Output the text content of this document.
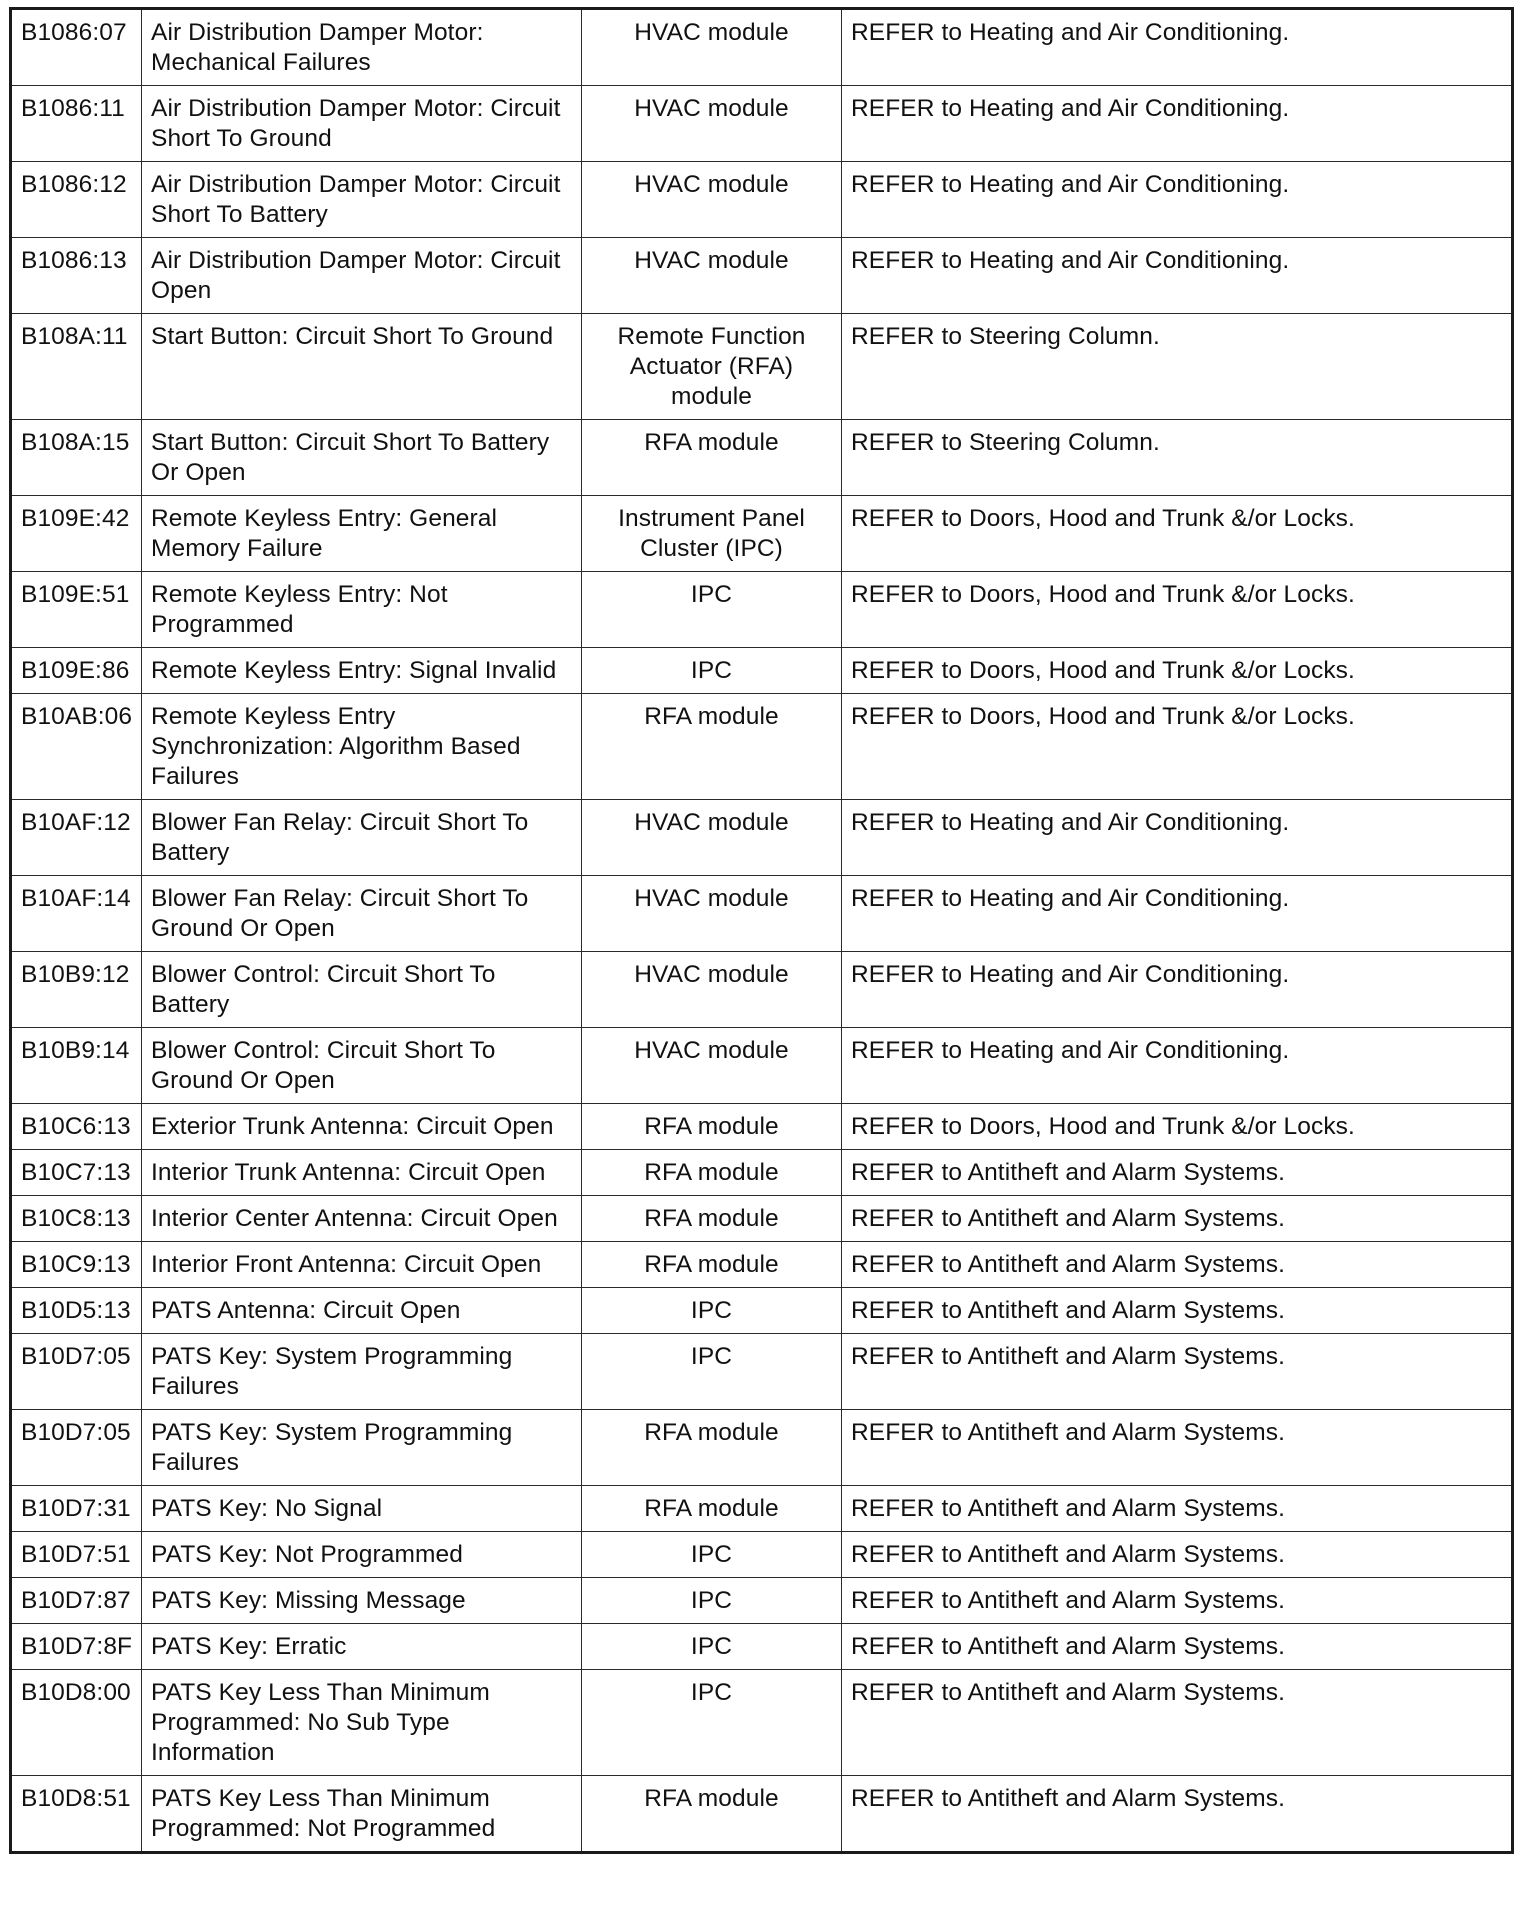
B1086:07	Air Distribution Damper Motor: Mechanical Failures	HVAC module	REFER to Heating and Air Conditioning.
B1086:11	Air Distribution Damper Motor: Circuit Short To Ground	HVAC module	REFER to Heating and Air Conditioning.
B1086:12	Air Distribution Damper Motor: Circuit Short To Battery	HVAC module	REFER to Heating and Air Conditioning.
B1086:13	Air Distribution Damper Motor: Circuit Open	HVAC module	REFER to Heating and Air Conditioning.
B108A:11	Start Button: Circuit Short To Ground	Remote Function Actuator (RFA) module	REFER to Steering Column.
B108A:15	Start Button: Circuit Short To Battery Or Open	RFA module	REFER to Steering Column.
B109E:42	Remote Keyless Entry: General Memory Failure	Instrument Panel Cluster (IPC)	REFER to Doors, Hood and Trunk &/or Locks.
B109E:51	Remote Keyless Entry: Not Programmed	IPC	REFER to Doors, Hood and Trunk &/or Locks.
B109E:86	Remote Keyless Entry: Signal Invalid	IPC	REFER to Doors, Hood and Trunk &/or Locks.
B10AB:06	Remote Keyless Entry Synchronization: Algorithm Based Failures	RFA module	REFER to Doors, Hood and Trunk &/or Locks.
B10AF:12	Blower Fan Relay: Circuit Short To Battery	HVAC module	REFER to Heating and Air Conditioning.
B10AF:14	Blower Fan Relay: Circuit Short To Ground Or Open	HVAC module	REFER to Heating and Air Conditioning.
B10B9:12	Blower Control: Circuit Short To Battery	HVAC module	REFER to Heating and Air Conditioning.
B10B9:14	Blower Control: Circuit Short To Ground Or Open	HVAC module	REFER to Heating and Air Conditioning.
B10C6:13	Exterior Trunk Antenna: Circuit Open	RFA module	REFER to Doors, Hood and Trunk &/or Locks.
B10C7:13	Interior Trunk Antenna: Circuit Open	RFA module	REFER to Antitheft and Alarm Systems.
B10C8:13	Interior Center Antenna: Circuit Open	RFA module	REFER to Antitheft and Alarm Systems.
B10C9:13	Interior Front Antenna: Circuit Open	RFA module	REFER to Antitheft and Alarm Systems.
B10D5:13	PATS Antenna: Circuit Open	IPC	REFER to Antitheft and Alarm Systems.
B10D7:05	PATS Key: System Programming Failures	IPC	REFER to Antitheft and Alarm Systems.
B10D7:05	PATS Key: System Programming Failures	RFA module	REFER to Antitheft and Alarm Systems.
B10D7:31	PATS Key: No Signal	RFA module	REFER to Antitheft and Alarm Systems.
B10D7:51	PATS Key: Not Programmed	IPC	REFER to Antitheft and Alarm Systems.
B10D7:87	PATS Key: Missing Message	IPC	REFER to Antitheft and Alarm Systems.
B10D7:8F	PATS Key: Erratic	IPC	REFER to Antitheft and Alarm Systems.
B10D8:00	PATS Key Less Than Minimum Programmed: No Sub Type Information	IPC	REFER to Antitheft and Alarm Systems.
B10D8:51	PATS Key Less Than Minimum Programmed: Not Programmed	RFA module	REFER to Antitheft and Alarm Systems.
